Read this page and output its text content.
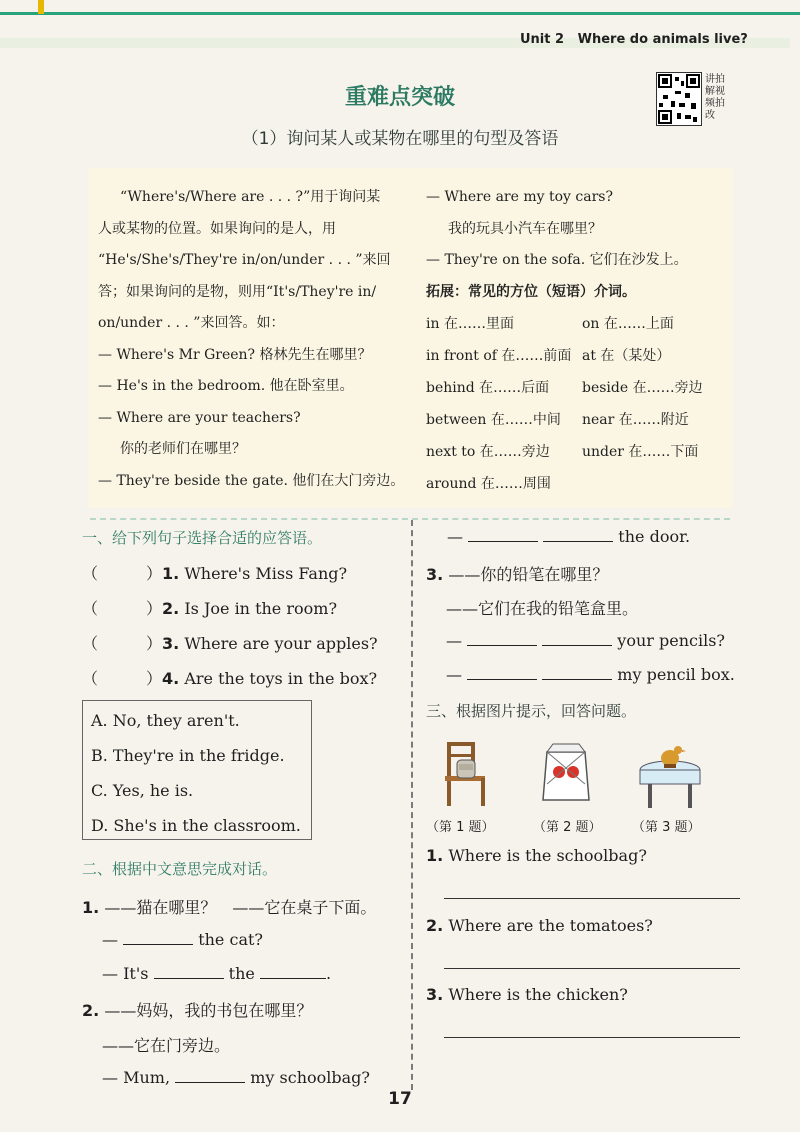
Unit 2 Where do animals live?
重难点突破
（1）询问某人或某物在哪里的句型及答语
讲拍解视频拍改

“Where's/Where are . . . ?”用于询问某

人或某物的位置。如果询问的是人，用

“He's/She's/They're in/on/under . . . ”来回

答；如果询问的是物，则用“It's/They're in/

on/under . . . ”来回答。如：

— Where's Mr Green? 格林先生在哪里？

— He's in the bedroom. 他在卧室里。

— Where are your teachers?

你的老师们在哪里？

— They're beside the gate. 他们在大门旁边。

— Where are my toy cars?

我的玩具小汽车在哪里？

— They're on the sofa. 它们在沙发上。

拓展：常见的方位（短语）介词。

in 在……里面	on 在……上面
in front of 在……前面 at 在（某处）
behind 在……后面	beside 在……旁边
between 在……中间	near 在……附近
next to 在……旁边	under 在……下面
around 在……周围
一、给下列句子选择合适的应答语。
（	）1. Where's Miss Fang?
（	）2. Is Joe in the room?
（	）3. Where are your apples?
（	）4. Are the toys in the box?
A. No, they aren't.
B. They're in the fridge.
C. Yes, he is.
D. She's in the classroom.
二、根据中文意思完成对话。
1. ——猫在哪里？　——它在桌子下面。
—	the cat?
— It's	the	.
2. ——妈妈，我的书包在哪里？
——它在门旁边。
— Mum,	my schoolbag?
—	the door.
3. ——你的铅笔在哪里？
——它们在我的铅笔盒里。
—	your pencils?
—	my pencil box.
三、根据图片提示，回答问题。
（第 1 题）	（第 2 题） （第 3 题）
1. Where is the schoolbag?
2. Where are the tomatoes?
3. Where is the chicken?
17
